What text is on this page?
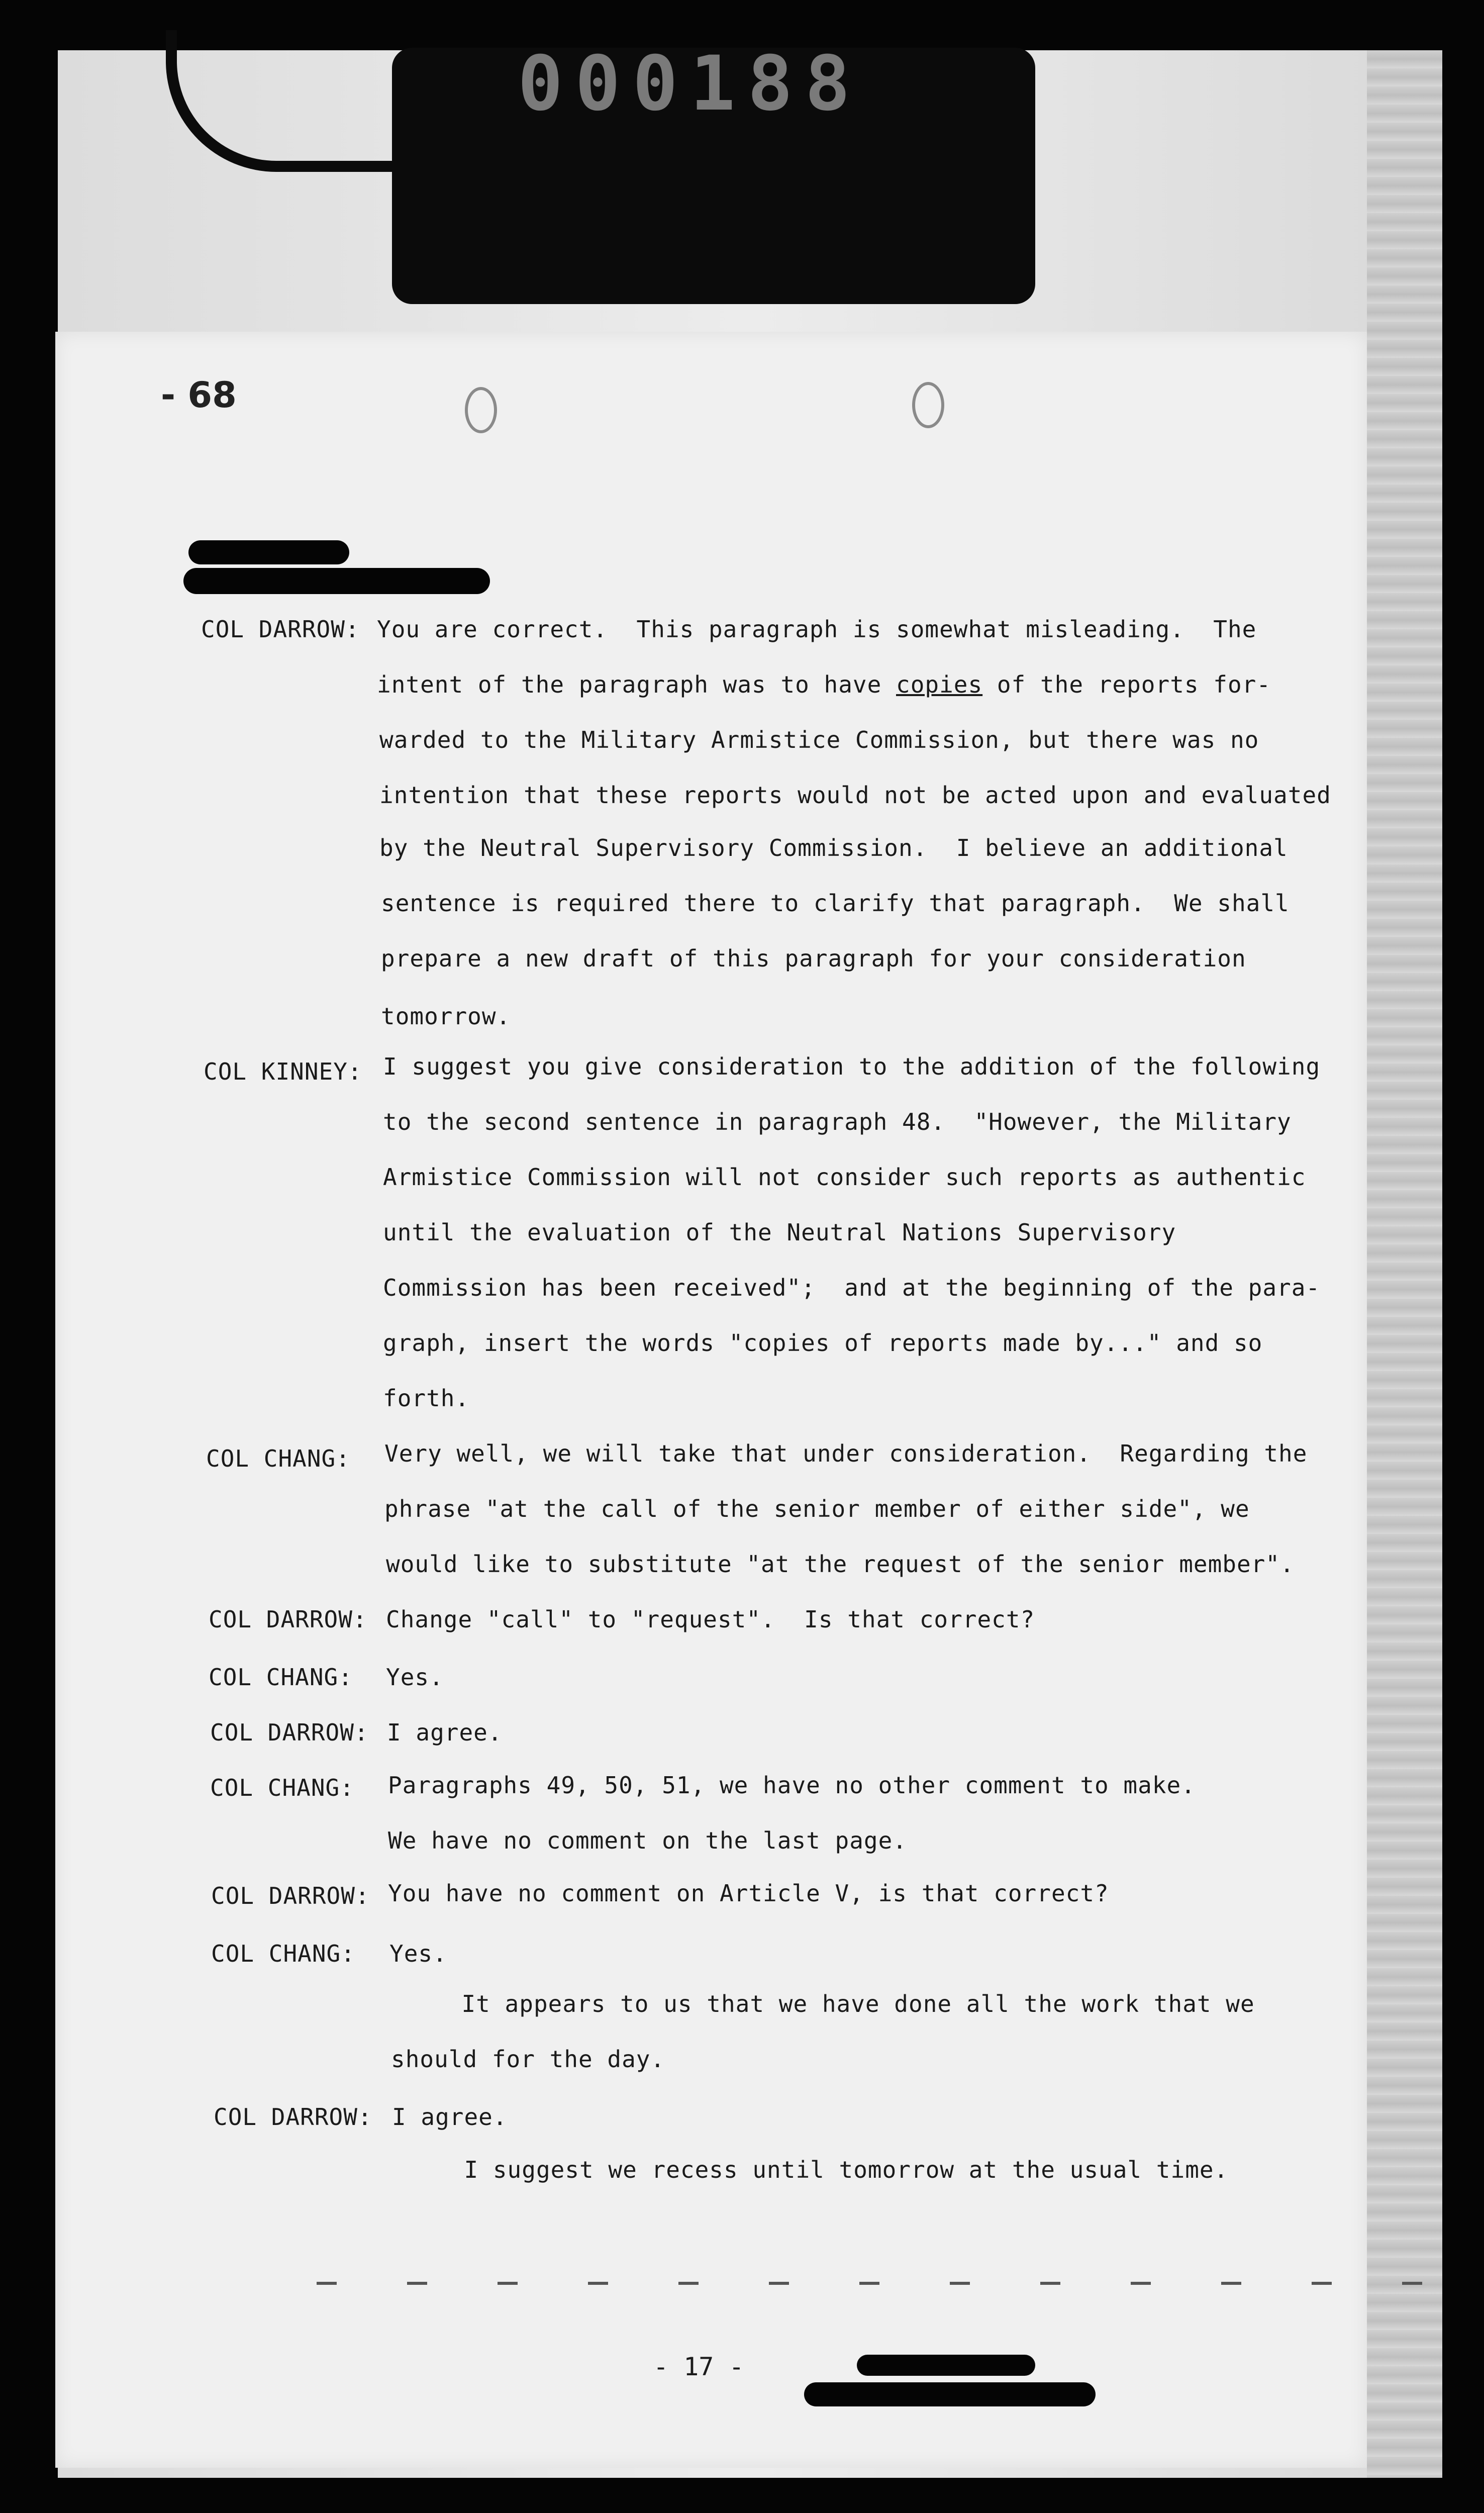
000188
- 68
COL DARROW: You are correct.  This paragraph is somewhat misleading.  The
intent of the paragraph was to have copies of the reports for-
warded to the Military Armistice Commission, but there was no
intention that these reports would not be acted upon and evaluated
by the Neutral Supervisory Commission.  I believe an additional
sentence is required there to clarify that paragraph.  We shall
prepare a new draft of this paragraph for your consideration
tomorrow.
COL KINNEY: I suggest you give consideration to the addition of the following
to the second sentence in paragraph 48.  "However, the Military
Armistice Commission will not consider such reports as authentic
until the evaluation of the Neutral Nations Supervisory
Commission has been received";  and at the beginning of the para-
graph, insert the words "copies of reports made by..." and so
forth.
COL CHANG: Very well, we will take that under consideration.  Regarding the
phrase "at the call of the senior member of either side", we
would like to substitute "at the request of the senior member".
COL DARROW: Change "call" to "request".  Is that correct?
COL CHANG: Yes.
COL DARROW: I agree.
COL CHANG: Paragraphs 49, 50, 51, we have no other comment to make.
We have no comment on the last page.
COL DARROW: You have no comment on Article V, is that correct?
COL CHANG: Yes.
It appears to us that we have done all the work that we
should for the day.
COL DARROW: I agree.
I suggest we recess until tomorrow at the usual time.
- 17 -
